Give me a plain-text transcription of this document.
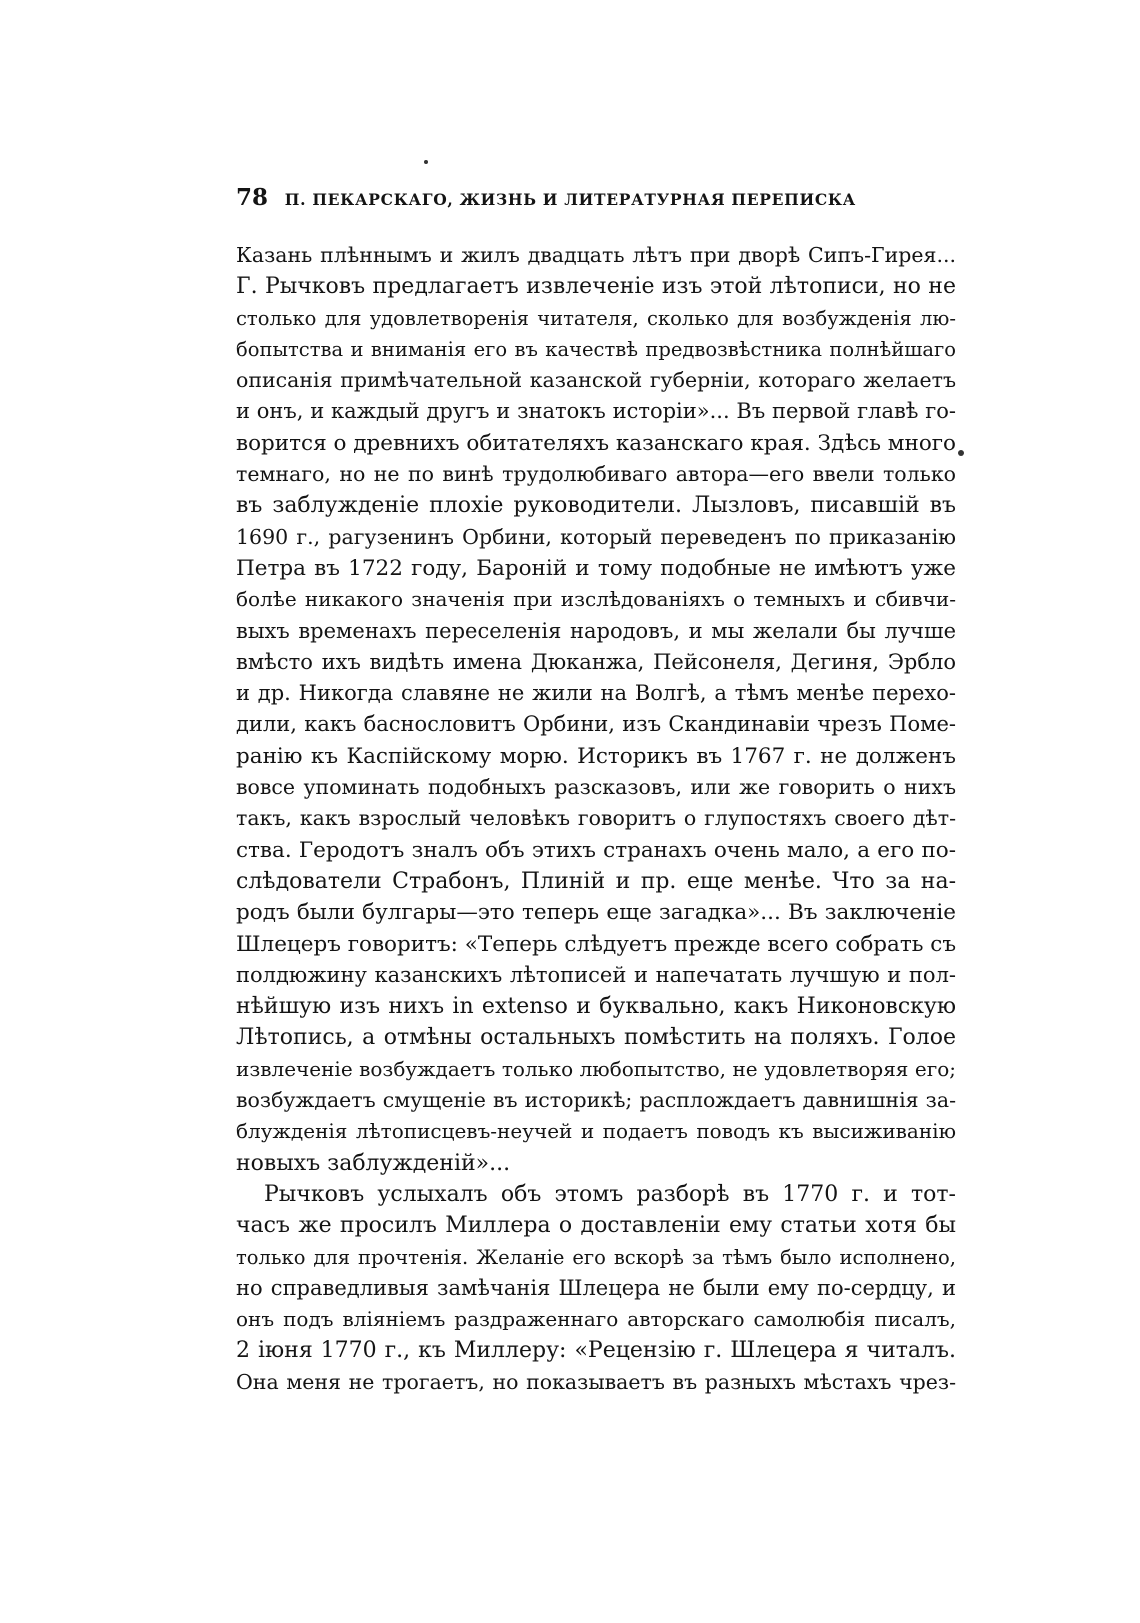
78	П. ПЕКАРСКАГО, ЖИЗНЬ И ЛИТЕРАТУРНАЯ ПЕРЕПИСКА
Казань плѣннымъ и жилъ двадцать лѣтъ при дворѣ Сипъ-Гирея...
Г. Рычковъ предлагаетъ извлеченіе изъ этой лѣтописи, но не
столько для удовлетворенія читателя, сколько для возбужденія лю-
бопытства и вниманія его въ качествѣ предвозвѣстника полнѣйшаго
описанія примѣчательной казанской губерніи, котораго желаетъ
и онъ, и каждый другъ и знатокъ исторіи»... Въ первой главѣ го-
ворится о древнихъ обитателяхъ казанскаго края. Здѣсь много
темнаго, но не по винѣ трудолюбиваго автора—его ввели только
въ заблужденіе плохіе руководители. Лызловъ, писавшій въ
1690 г., рагузенинъ Орбини, который переведенъ по приказанію
Петра въ 1722 году, Бароній и тому подобные не имѣютъ уже
болѣе никакого значенія при изслѣдованіяхъ о темныхъ и сбивчи-
выхъ временахъ переселенія народовъ, и мы желали бы лучше
вмѣсто ихъ видѣть имена Дюканжа, Пейсонеля, Дегиня, Эрбло
и др. Никогда славяне не жили на Волгѣ, а тѣмъ менѣе перехо-
дили, какъ баснословитъ Орбини, изъ Скандинавіи чрезъ Поме-
ранію къ Каспійскому морю. Историкъ въ 1767 г. не долженъ
вовсе упоминать подобныхъ разсказовъ, или же говорить о нихъ
такъ, какъ взрослый человѣкъ говоритъ о глупостяхъ своего дѣт-
ства. Геродотъ зналъ объ этихъ странахъ очень мало, а его по-
слѣдователи Страбонъ, Плиній и пр. еще менѣе. Что за на-
родъ были булгары—это теперь еще загадка»... Въ заключеніе
Шлецеръ говоритъ: «Теперь слѣдуетъ прежде всего собрать съ
полдюжину казанскихъ лѣтописей и напечатать лучшую и пол-
нѣйшую изъ нихъ in extenso и буквально, какъ Никоновскую
Лѣтопись, а отмѣны остальныхъ помѣстить на поляхъ. Голое
извлеченіе возбуждаетъ только любопытство, не удовлетворяя его;
возбуждаетъ смущеніе въ историкѣ; расплождаетъ давнишнія за-
блужденія лѣтописцевъ-неучей и подаетъ поводъ къ высиживанію
новыхъ заблужденій»...
Рычковъ услыхалъ объ этомъ разборѣ въ 1770 г. и тот-
часъ же просилъ Миллера о доставленіи ему статьи хотя бы
только для прочтенія. Желаніе его вскорѣ за тѣмъ было исполнено,
но справедливыя замѣчанія Шлецера не были ему по-сердцу, и
онъ подъ вліяніемъ раздраженнаго авторскаго самолюбія писалъ,
2 іюня 1770 г., къ Миллеру: «Рецензію г. Шлецера я читалъ.
Она меня не трогаетъ, но показываетъ въ разныхъ мѣстахъ чрез-
